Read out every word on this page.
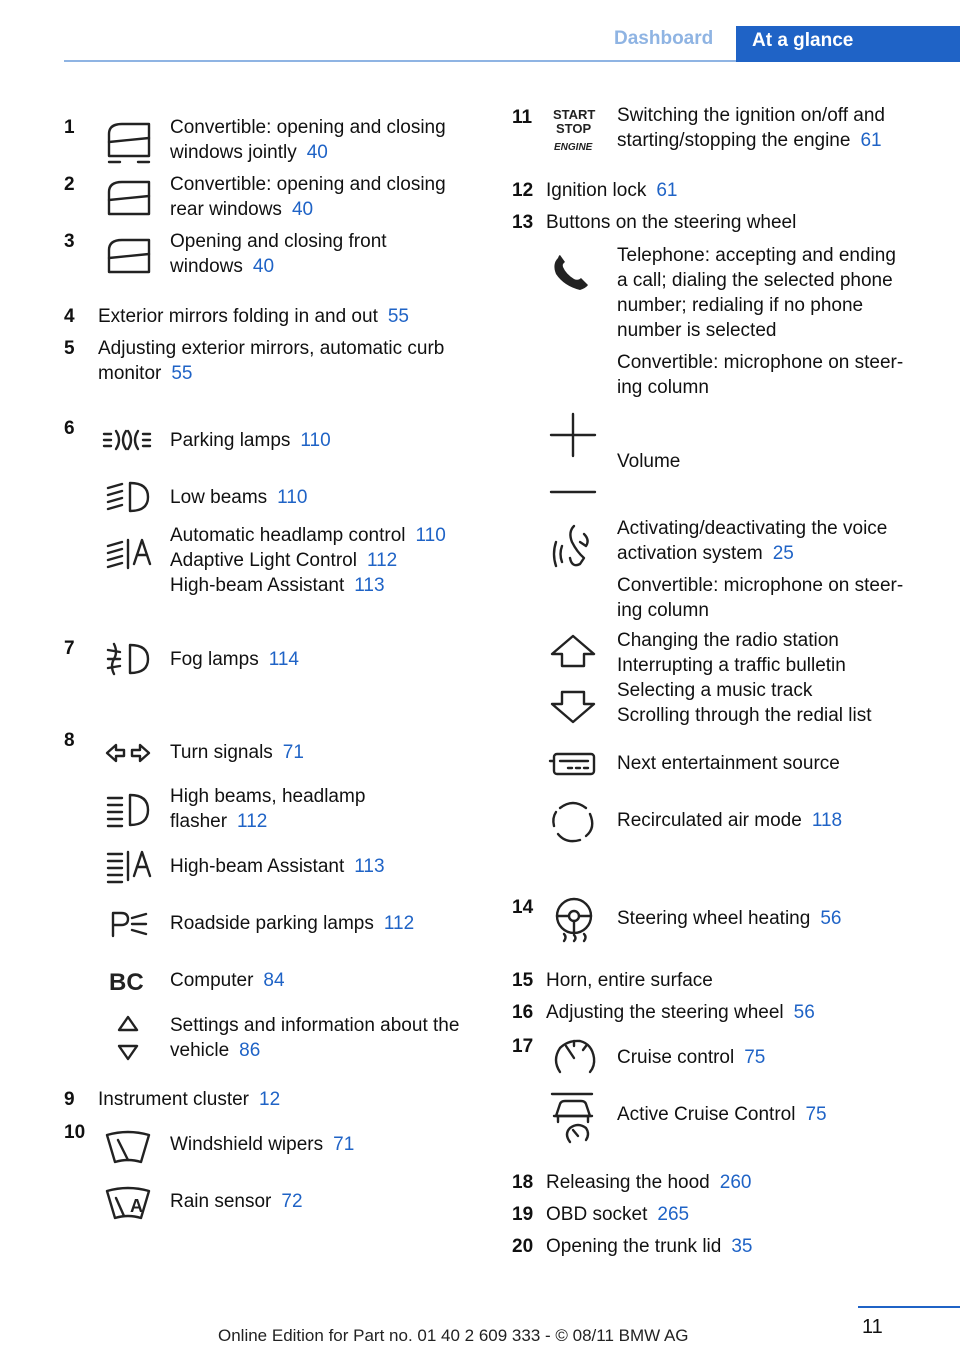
Dashboard At a glance
1	Convertible: opening and closing
windows jointly 40
2	Convertible: opening and closing
rear windows 40
3	Opening and closing front
windows 40
4 Exterior mirrors folding in and out 55
5 Adjusting exterior mirrors, automatic curb
monitor 55
6
Parking lamps 110
Low beams 110
Automatic headlamp control 110
Adaptive Light Control 112
High-beam Assistant 113
7
Fog lamps 114
8
Turn signals 71
High beams, headlamp
flasher 112
High-beam Assistant 113
Roadside parking lamps 112
BC Computer 84
Settings and information about the
vehicle 86
9 Instrument cluster 12
10
Windshield wipers 71
A Rain sensor 72
11 START
STOP
ENGINE
Switching the ignition on/off and
starting/stopping the engine 61
12 Ignition lock 61
13 Buttons on the steering wheel
Telephone: accepting and ending
a call; dialing the selected phone
number; redialing if no phone
number is selected
Convertible: microphone on steer-
ing column
Volume
Activating/deactivating the voice
activation system 25
Convertible: microphone on steer-
ing column
Changing the radio station
Interrupting a traffic bulletin
Selecting a music track
Scrolling through the redial list
Next entertainment source
Recirculated air mode 118
14
Steering wheel heating 56
15 Horn, entire surface
16 Adjusting the steering wheel 56
17
Cruise control 75
Active Cruise Control 75
18 Releasing the hood 260
19 OBD socket 265
20 Opening the trunk lid 35
11
Online Edition for Part no. 01 40 2 609 333 - © 08/11 BMW AG
